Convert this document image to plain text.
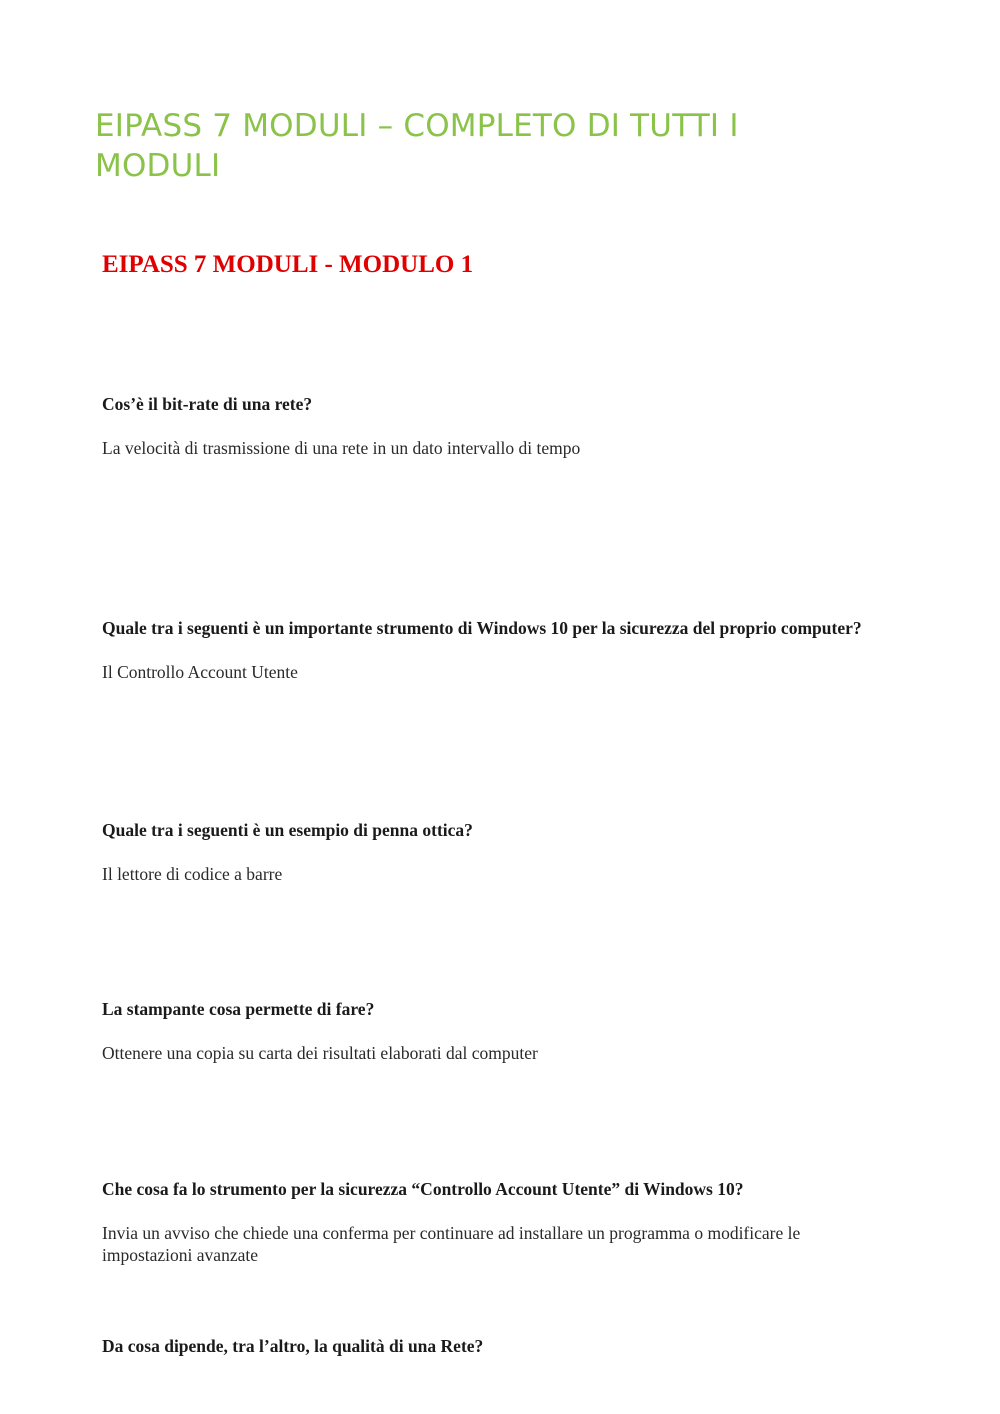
EIPASS 7 MODULI – COMPLETO DI TUTTI I MODULI
EIPASS 7 MODULI - MODULO 1

Cos’è il bit-rate di una rete?

La velocità di trasmissione di una rete in un dato intervallo di tempo

Quale tra i seguenti è un importante strumento di Windows 10 per la sicurezza del proprio computer?

Il Controllo Account Utente

Quale tra i seguenti è un esempio di penna ottica?

Il lettore di codice a barre

La stampante cosa permette di fare?

Ottenere una copia su carta dei risultati elaborati dal computer

Che cosa fa lo strumento per la sicurezza “Controllo Account Utente” di Windows 10?

Invia un avviso che chiede una conferma per continuare ad installare un programma o modificare le impostazioni avanzate

Da cosa dipende, tra l’altro, la qualità di una Rete?
